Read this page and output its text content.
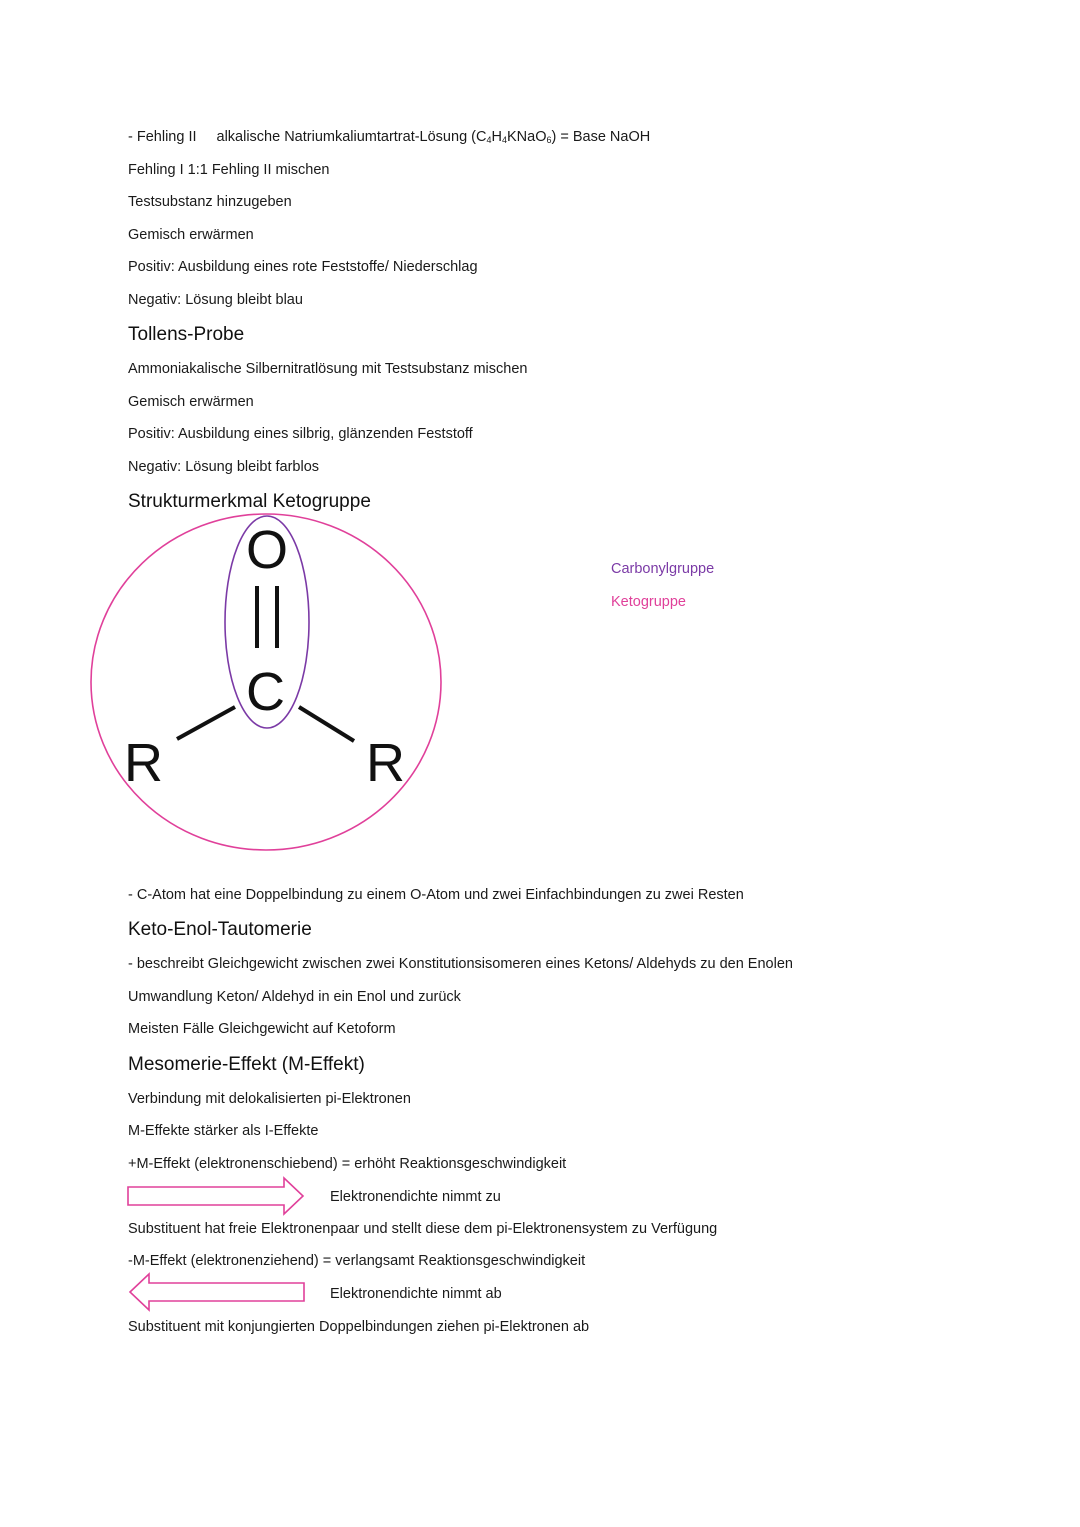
- Fehling II alkalische Natriumkaliumtartrat-Lösung $(C_4H_4KNaO_6)$ = Base NaOH
Fehling I 1:1 Fehling II mischen
Testsubstanz hinzugeben
Gemisch erwärmen
Positiv: Ausbildung eines rote Feststoffe/ Niederschlag
Negativ: Lösung bleibt blau
Tollens-Probe
Ammoniakalische Silbernitratlösung mit Testsubstanz mischen
Gemisch erwärmen
Positiv: Ausbildung eines silbrig, glänzenden Feststoff
Negativ: Lösung bleibt farblos
Strukturmerkmal Ketogruppe
O
C
R	R
Carbonylgruppe
Ketogruppe
- C-Atom hat eine Doppelbindung zu einem O-Atom und zwei Einfachbindungen zu zwei Resten
Keto-Enol-Tautomerie
- beschreibt Gleichgewicht zwischen zwei Konstitutionsisomeren eines Ketons/ Aldehyds zu den Enolen
Umwandlung Keton/ Aldehyd in ein Enol und zurück
Meisten Fälle Gleichgewicht auf Ketoform
Mesomerie-Effekt (M-Effekt)
Verbindung mit delokalisierten pi-Elektronen
M-Effekte stärker als I-Effekte
+M-Effekt (elektronenschiebend) = erhöht Reaktionsgeschwindigkeit
Elektronendichte nimmt zu
Substituent hat freie Elektronenpaar und stellt diese dem pi-Elektronensystem zu Verfügung
-M-Effekt (elektronenziehend) = verlangsamt Reaktionsgeschwindigkeit
Elektronendichte nimmt ab
Substituent mit konjungierten Doppelbindungen ziehen pi-Elektronen ab
